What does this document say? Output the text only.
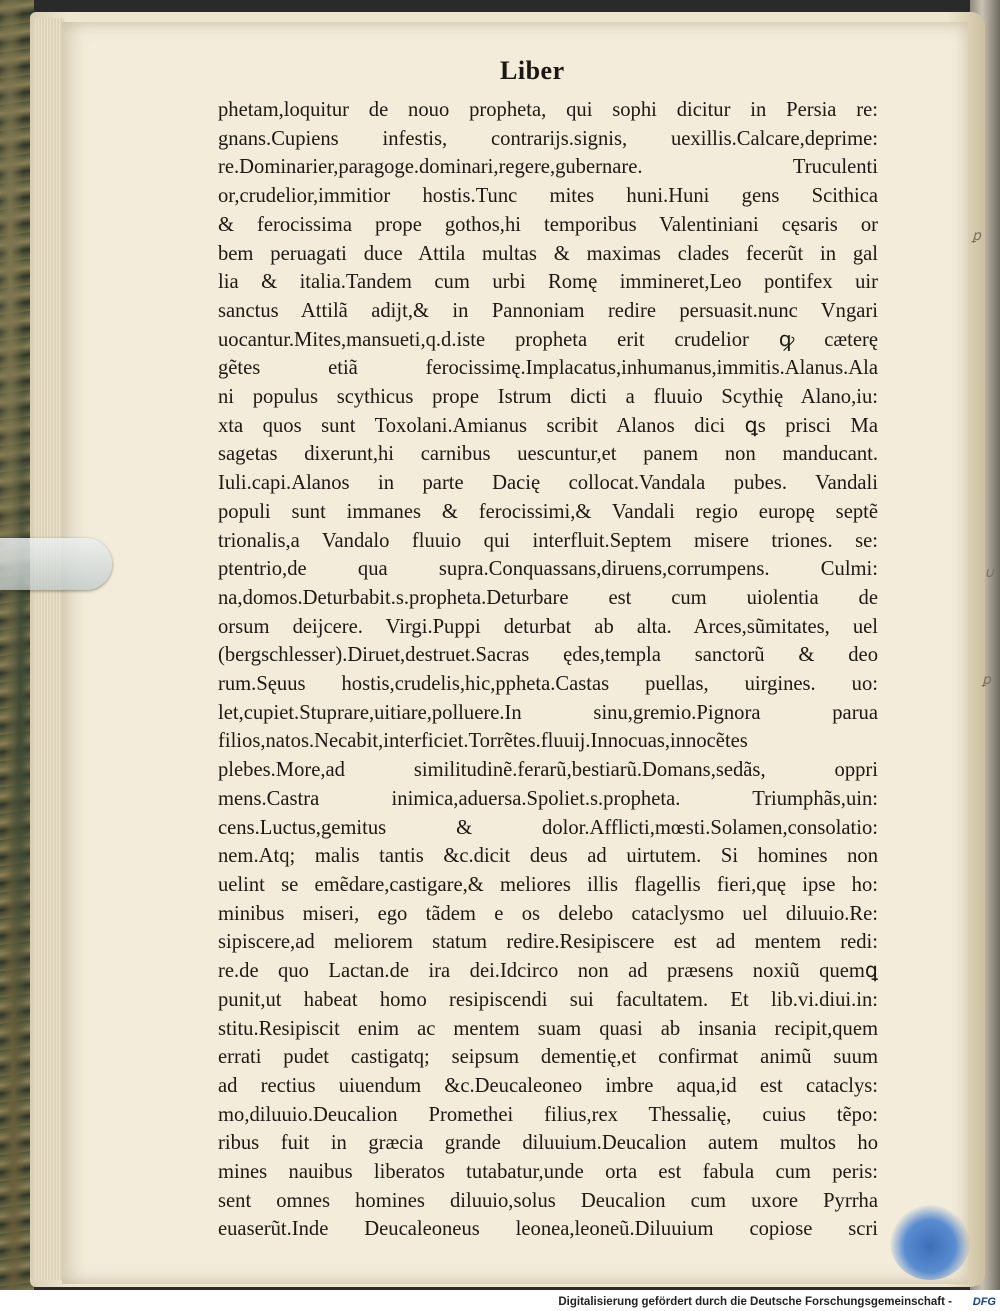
Liber
phetam,loquitur de nouo propheta, qui sophi dicitur in Persia re:
gnans.Cupiens infestis, contrarijs.signis, uexillis.Calcare,deprime:
re.Dominarier,paragoge.dominari,regere,gubernare. Truculenti
or,crudelior,immitior hostis.Tunc mites huni.Huni gens Scithica
& ferocissima prope gothos,hi temporibus Valentiniani cęsaris or
bem peruagati duce Attila multas & maximas clades fecerũt in gal
lia & italia.Tandem cum urbi Romę immineret,Leo pontifex uir
sanctus Attilã adijt,& in Pannoniam redire persuasit.nunc Vngari
uocantur.Mites,mansueti,q.d.iste propheta erit crudelior ꝙ cæterę
gẽtes etiã ferocissimę.Implacatus,inhumanus,immitis.Alanus.Ala
ni populus scythicus prope Istrum dicti a fluuio Scythię Alano,iu:
xta quos sunt Toxolani.Amianus scribit Alanos dici ꝗs prisci Ma
sagetas dixerunt,hi carnibus uescuntur,et panem non manducant.
Iuli.capi.Alanos in parte Dacię collocat.Vandala pubes. Vandali
populi sunt immanes & ferocissimi,& Vandali regio europę septẽ
trionalis,a Vandalo fluuio qui interfluit.Septem misere triones. se:
ptentrio,de qua supra.Conquassans,diruens,corrumpens. Culmi:
na,domos.Deturbabit.s.propheta.Deturbare est cum uiolentia de
orsum deijcere. Virgi.Puppi deturbat ab alta. Arces,sũmitates, uel
(bergschlesser).Diruet,destruet.Sacras ędes,templa sanctorũ & deo
rum.Sęuus hostis,crudelis,hic,ppheta.Castas puellas, uirgines. uo:
let,cupiet.Stuprare,uitiare,polluere.In sinu,gremio.Pignora parua
filios,natos.Necabit,interficiet.Torrẽtes.fluuij.Innocuas,innocẽtes
plebes.More,ad similitudinẽ.ferarũ,bestiarũ.Domans,sedãs, oppri
mens.Castra inimica,aduersa.Spoliet.s.propheta. Triumphãs,uin:
cens.Luctus,gemitus & dolor.Afflicti,mœsti.Solamen,consolatio:
nem.Atq; malis tantis &c.dicit deus ad uirtutem. Si homines non
uelint se emẽdare,castigare,& meliores illis flagellis fieri,quę ipse ho:
minibus miseri, ego tãdem e os delebo cataclysmo uel diluuio.Re:
sipiscere,ad meliorem statum redire.Resipiscere est ad mentem redi:
re.de quo Lactan.de ira dei.Idcirco non ad præsens noxiũ quemꝗ
punit,ut habeat homo resipiscendi sui facultatem. Et lib.vi.diui.in:
stitu.Resipiscit enim ac mentem suam quasi ab insania recipit,quem
errati pudet castigatq; seipsum dementię,et confirmat animũ suum
ad rectius uiuendum &c.Deucaleoneo imbre aqua,id est cataclys:
mo,diluuio.Deucalion Promethei filius,rex Thessalię, cuius tẽpo:
ribus fuit in græcia grande diluuium.Deucalion autem multos ho
mines nauibus liberatos tutabatur,unde orta est fabula cum peris:
sent omnes homines diluuio,solus Deucalion cum uxore Pyrrha
euaserũt.Inde Deucaleoneus leonea,leoneũ.Diluuium copiose scri
ꝑ
∪
ꝑ
Digitalisierung gefördert durch die Deutsche Forschungsgemeinschaft - DFG
